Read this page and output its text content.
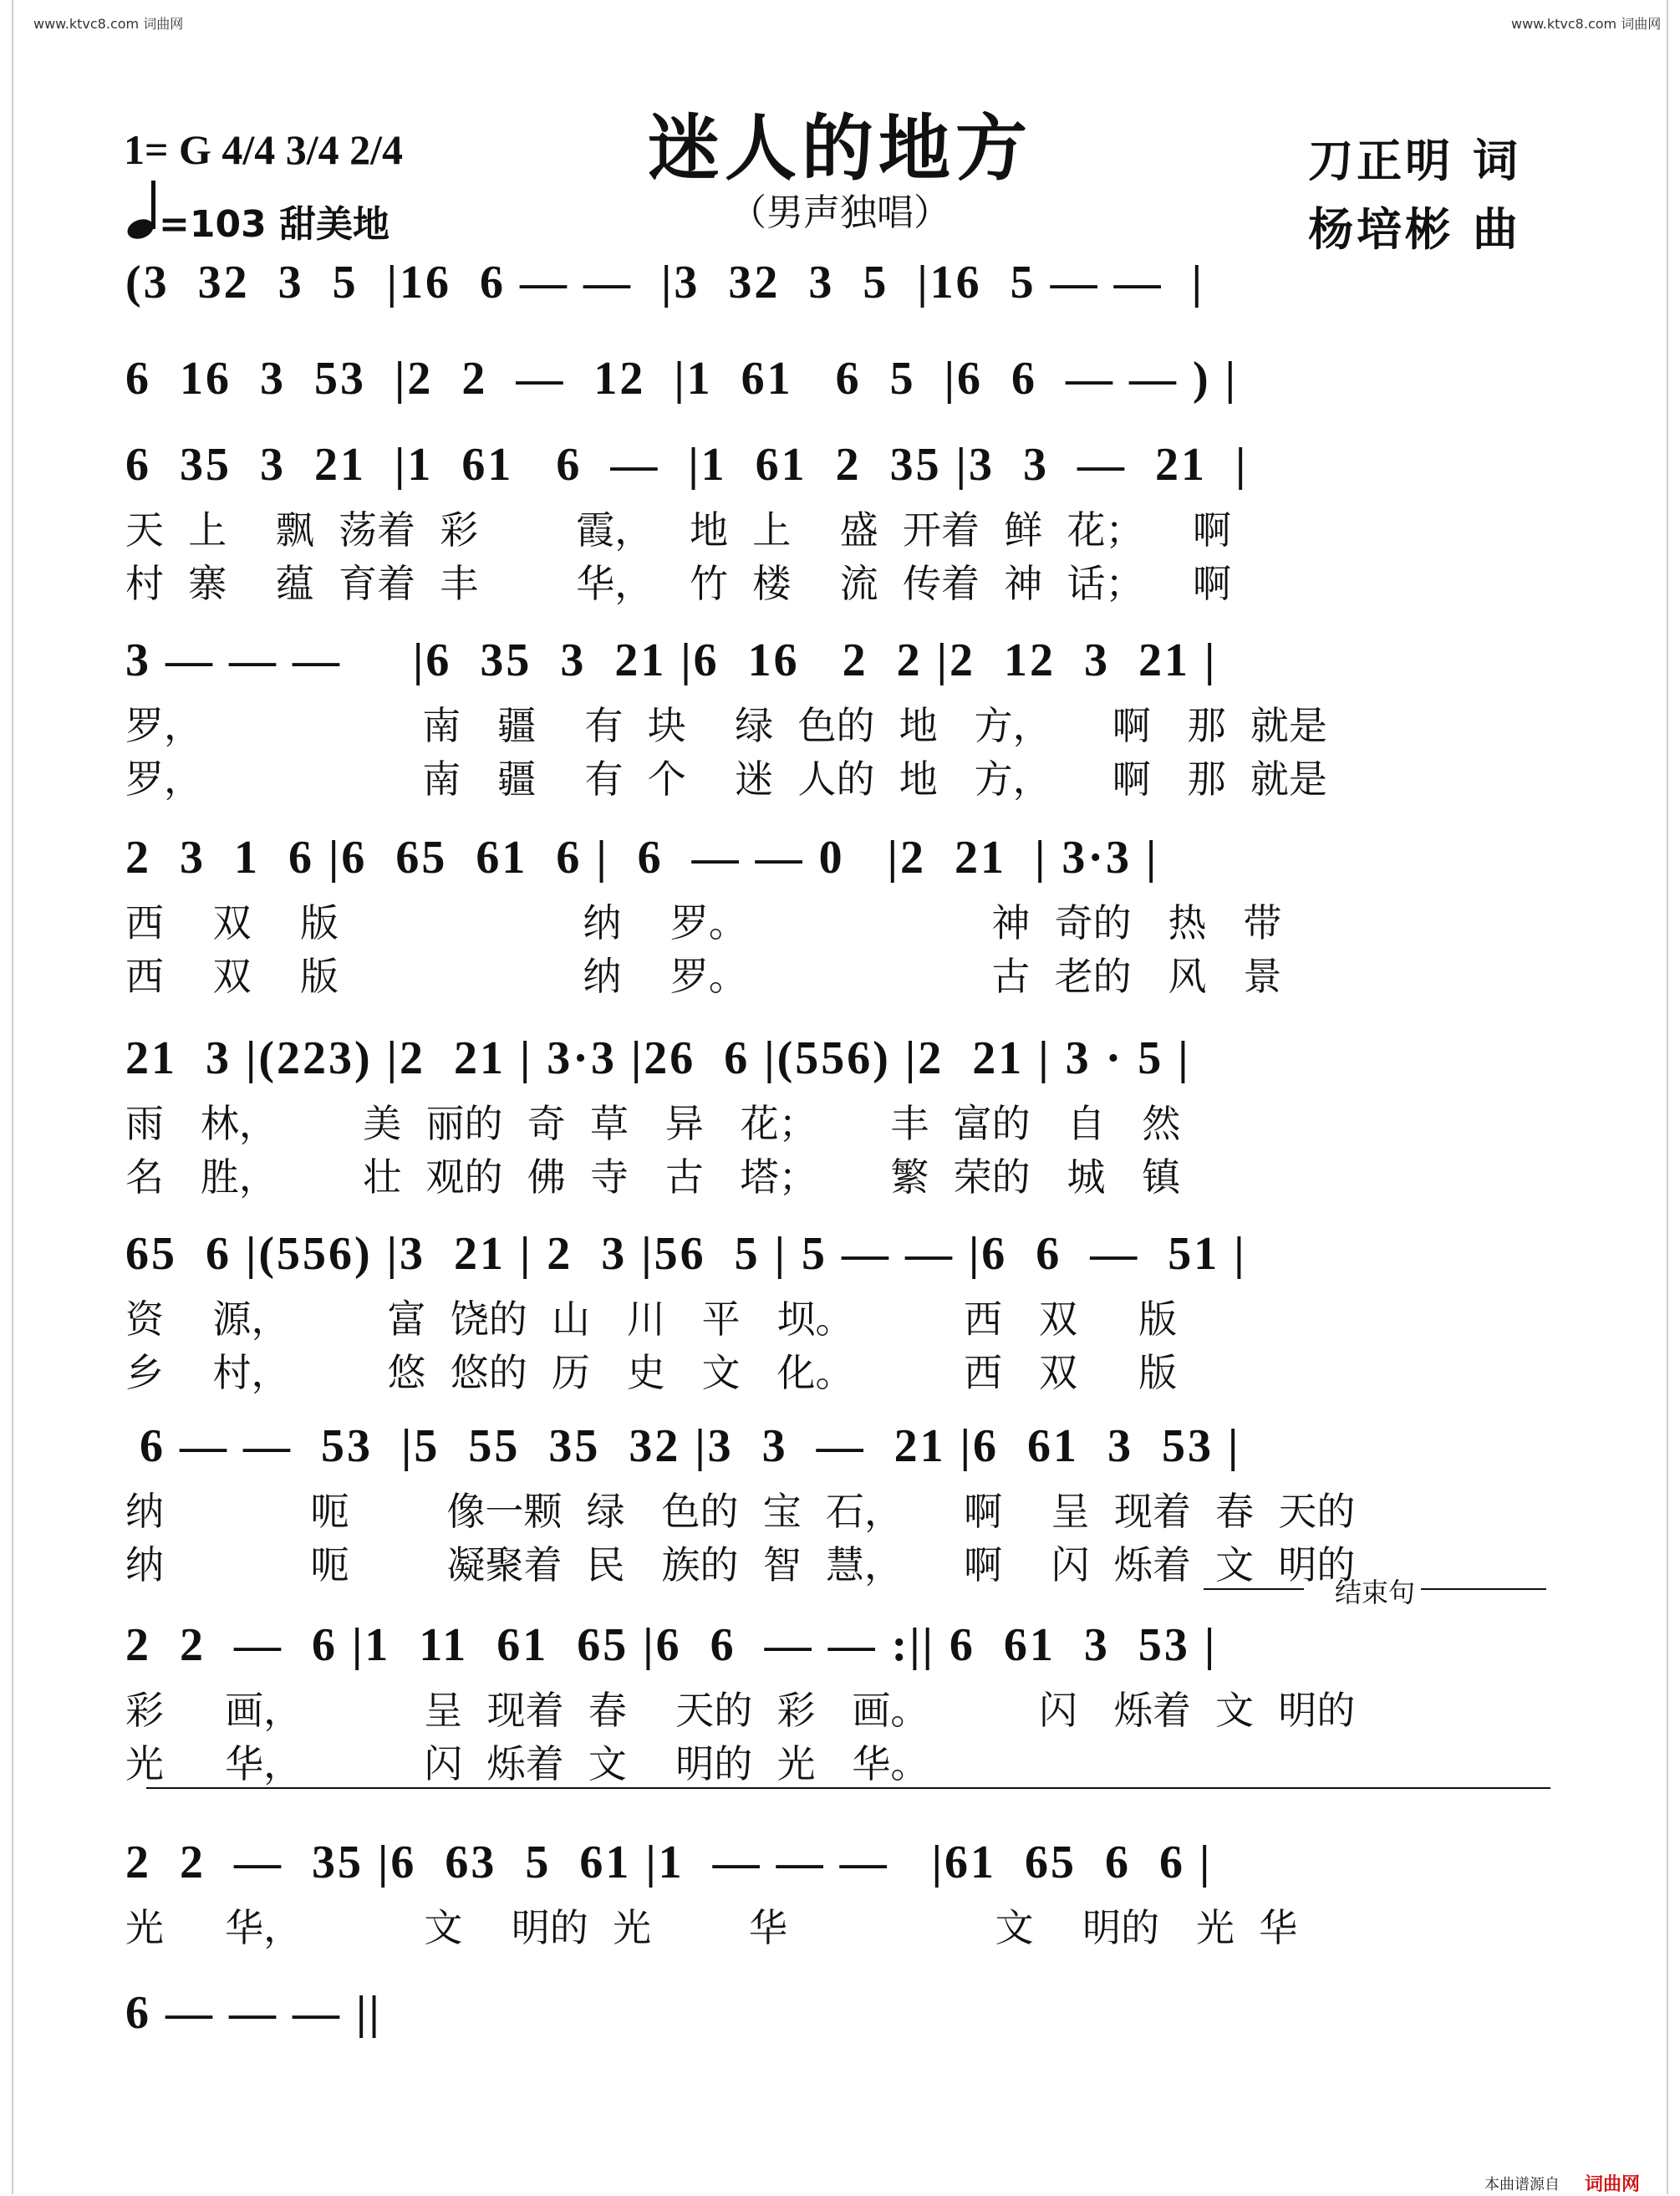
www.ktvc8.com 词曲网	www.ktvc8.com 词曲网
迷人的地方
（男声独唱）
1= G 4/4 3/4 2/4
=103 甜美地
刀正明 词
杨培彬 曲
(3  32  3  5  |16  6 — —  |3  32  3  5  |16  5 — —  |
6  16  3  53  |2  2  —  12  |1  61   6  5  |6  6  — — ) |
6  35  3  21  |1  61   6  —  |1  61  2  35 |3  3  —  21  |
天  上    飘  荡着  彩        霞，   地  上    盛  开着  鲜  花；    啊
村  寨    蕴  育着  丰        华，   竹  楼    流  传着  神  话；    啊
3 — — —     |6  35  3  21 |6  16   2  2 |2  12  3  21 |
罗，                  南   疆    有  块    绿  色的  地   方，     啊   那  就是
罗，                  南   疆    有  个    迷  人的  地   方，     啊   那  就是
2  3  1  6 |6  65  61  6 |  6  — — 0   |2  21  | 3·3 |
西    双    版                    纳    罗。                    神  奇的   热   带
西    双    版                    纳    罗。                    古  老的   风   景
21  3 |(223) |2  21 | 3·3 |26  6 |(556) |2  21 | 3 · 5 |
雨   林，       美  丽的  奇  草   异   花；      丰  富的   自   然
名   胜，       壮  观的  佛  寺   古   塔；      繁  荣的   城   镇
65  6 |(556) |3  21 | 2  3 |56  5 | 5 — — |6  6  —  51 |
资    源，        富  饶的  山   川   平   坝。         西   双     版
乡    村，        悠  悠的  历   史   文   化。         西   双     版
6 — —  53  |5  55  35  32 |3  3  —  21 |6  61  3  53 |
纳            呃        像一颗  绿   色的  宝  石，     啊    呈  现着  春  天的
纳            呃        凝聚着  民   族的  智  慧，     啊    闪  烁着  文  明的
结束句
2  2  —  6 |1  11  61  65 |6  6  — — :|| 6  61  3  53 |
彩     画，          呈  现着  春    天的  彩   画。         闪   烁着  文  明的
光     华，          闪  烁着  文    明的  光   华。
2  2  —  35 |6  63  5  61 |1  — — —   |61  65  6  6 |
光     华，          文    明的  光        华                 文    明的   光  华
6 — — — ||
本曲谱源自 词曲网
